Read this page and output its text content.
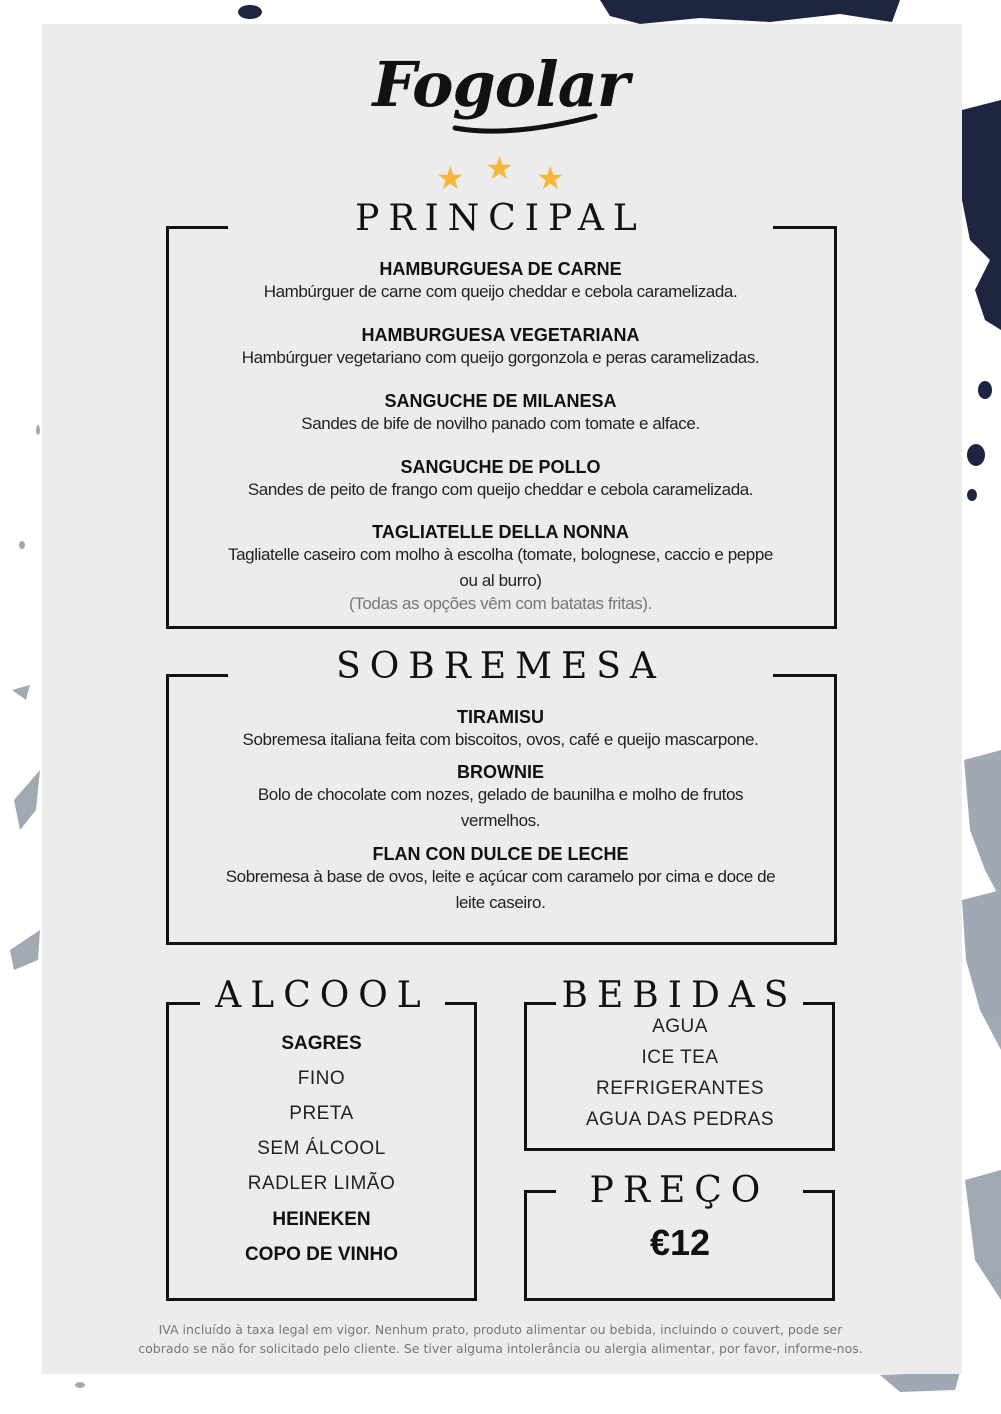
Fogolar
★ ★ ★
PRINCIPAL
HAMBURGUESA DE CARNE
Hambúrguer de carne com queijo cheddar e cebola caramelizada.
HAMBURGUESA VEGETARIANA
Hambúrguer vegetariano com queijo gorgonzola e peras caramelizadas.
SANGUCHE DE MILANESA
Sandes de bife de novilho panado com tomate e alface.
SANGUCHE DE POLLO
Sandes de peito de frango com queijo cheddar e cebola caramelizada.
TAGLIATELLE DELLA NONNA
Tagliatelle caseiro com molho à escolha (tomate, bolognese, caccio e peppe ou al burro)
(Todas as opções vêm com batatas fritas).
SOBREMESA
TIRAMISU
Sobremesa italiana feita com biscoitos, ovos, café e queijo mascarpone.
BROWNIE
Bolo de chocolate com nozes, gelado de baunilha e molho de frutos vermelhos.
FLAN CON DULCE DE LECHE
Sobremesa à base de ovos, leite e açúcar com caramelo por cima e doce de leite caseiro.
ALCOOL
SAGRES
FINO
PRETA
SEM ÁLCOOL
RADLER LIMÃO
HEINEKEN
COPO DE VINHO
BEBIDAS
AGUA
ICE TEA
REFRIGERANTES
AGUA DAS PEDRAS
PREÇO
€12
IVA incluído à taxa legal em vigor. Nenhum prato, produto alimentar ou bebida, incluindo o couvert, pode ser
cobrado se não for solicitado pelo cliente. Se tiver alguma intolerância ou alergia alimentar, por favor, informe-nos.
